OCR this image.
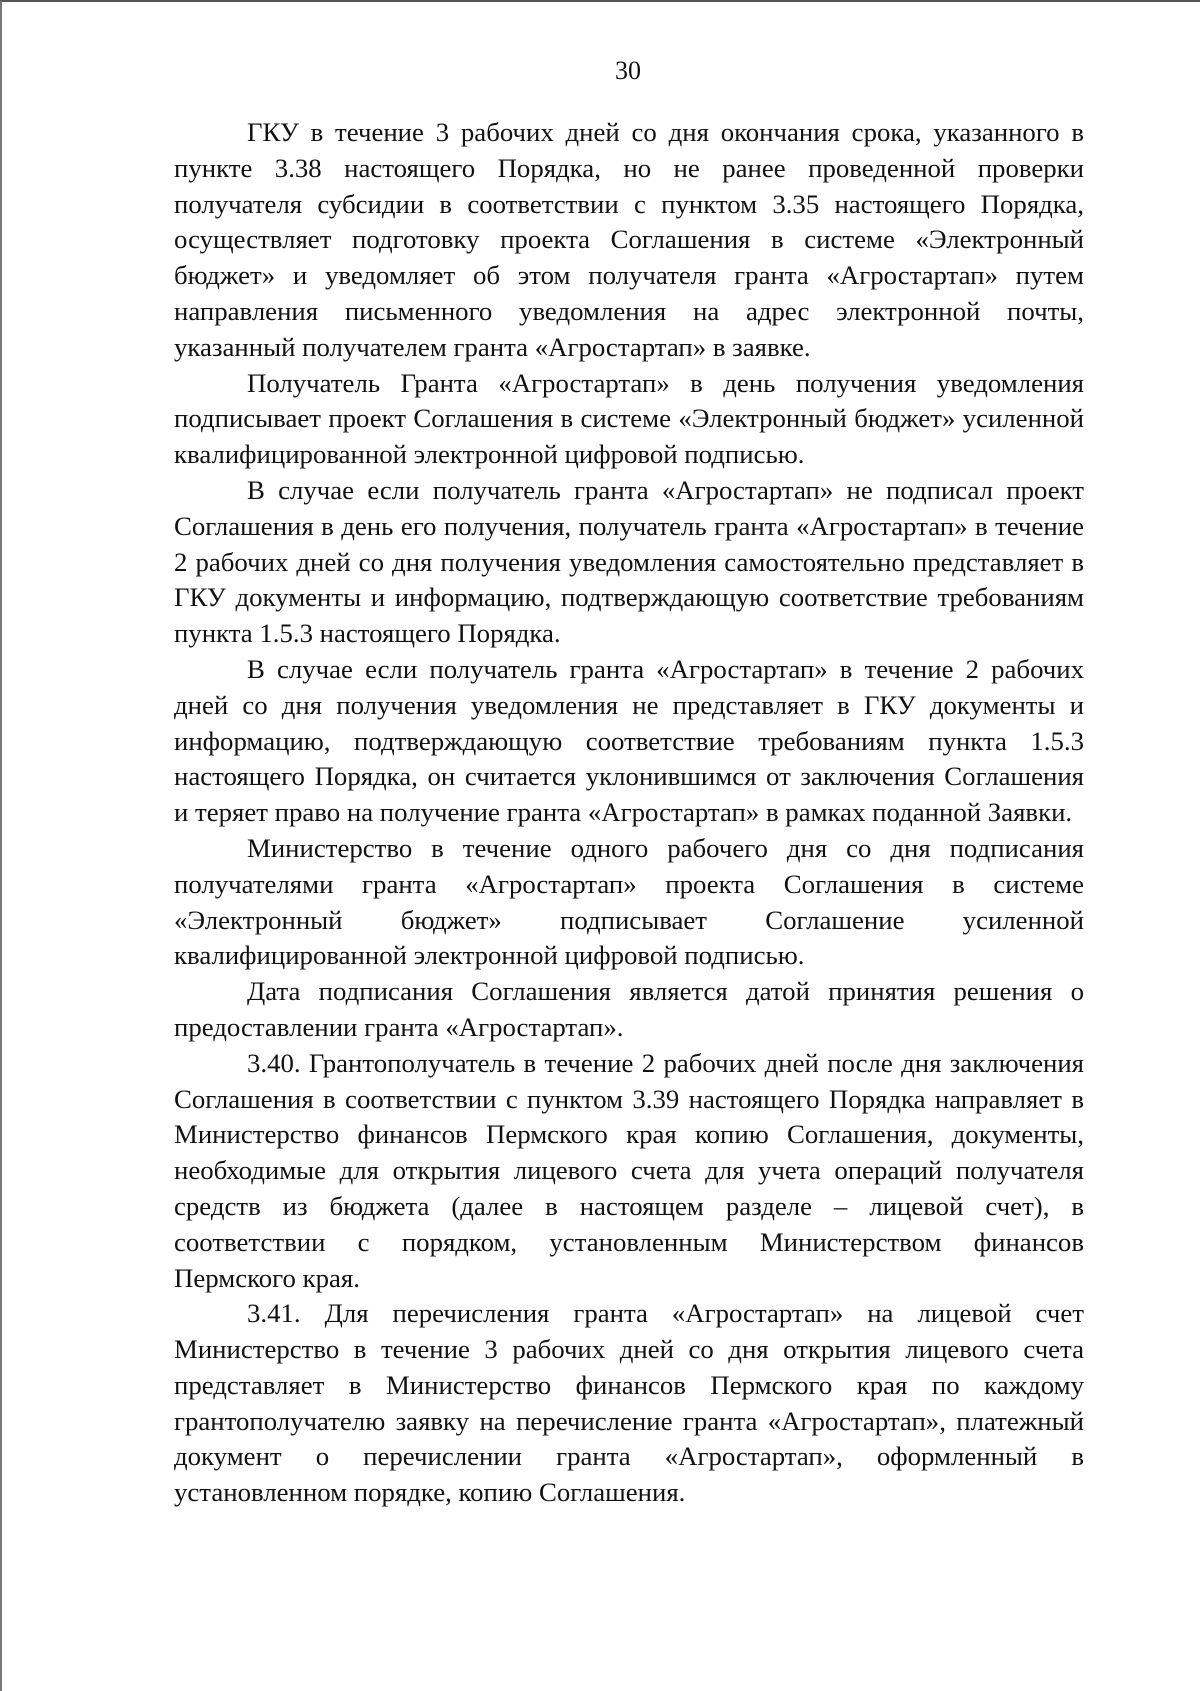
30

ГКУ в течение 3 рабочих дней со дня окончания срока, указанного в пункте 3.38 настоящего Порядка, но не ранее проведенной проверки получателя субсидии в соответствии с пунктом 3.35 настоящего Порядка, осуществляет подготовку проекта Соглашения в системе «Электронный бюджет» и уведомляет об этом получателя гранта «Агростартап» путем направления письменного уведомления на адрес электронной почты, указанный получателем гранта «Агростартап» в заявке.

Получатель Гранта «Агростартап» в день получения уведомления подписывает проект Соглашения в системе «Электронный бюджет» усиленной квалифицированной электронной цифровой подписью.

В случае если получатель гранта «Агростартап» не подписал проект Соглашения в день его получения, получатель гранта «Агростартап» в течение 2 рабочих дней со дня получения уведомления самостоятельно представляет в ГКУ документы и информацию, подтверждающую соответствие требованиям пункта 1.5.3 настоящего Порядка.

В случае если получатель гранта «Агростартап» в течение 2 рабочих дней со дня получения уведомления не представляет в ГКУ документы и информацию, подтверждающую соответствие требованиям пункта 1.5.3 настоящего Порядка, он считается уклонившимся от заключения Соглашения и теряет право на получение гранта «Агростартап» в рамках поданной Заявки.

Министерство в течение одного рабочего дня со дня подписания получателями гранта «Агростартап» проекта Соглашения в системе «Электронный бюджет» подписывает Соглашение усиленной квалифицированной электронной цифровой подписью.

Дата подписания Соглашения является датой принятия решения о предоставлении гранта «Агростартап».

3.40. Грантополучатель в течение 2 рабочих дней после дня заключения Соглашения в соответствии с пунктом 3.39 настоящего Порядка направляет в Министерство финансов Пермского края копию Соглашения, документы, необходимые для открытия лицевого счета для учета операций получателя средств из бюджета (далее в настоящем разделе – лицевой счет), в соответствии с порядком, установленным Министерством финансов Пермского края.

3.41. Для перечисления гранта «Агростартап» на лицевой счет Министерство в течение 3 рабочих дней со дня открытия лицевого счета представляет в Министерство финансов Пермского края по каждому грантополучателю заявку на перечисление гранта «Агростартап», платежный документ о перечислении гранта «Агростартап», оформленный в установленном порядке, копию Соглашения.
